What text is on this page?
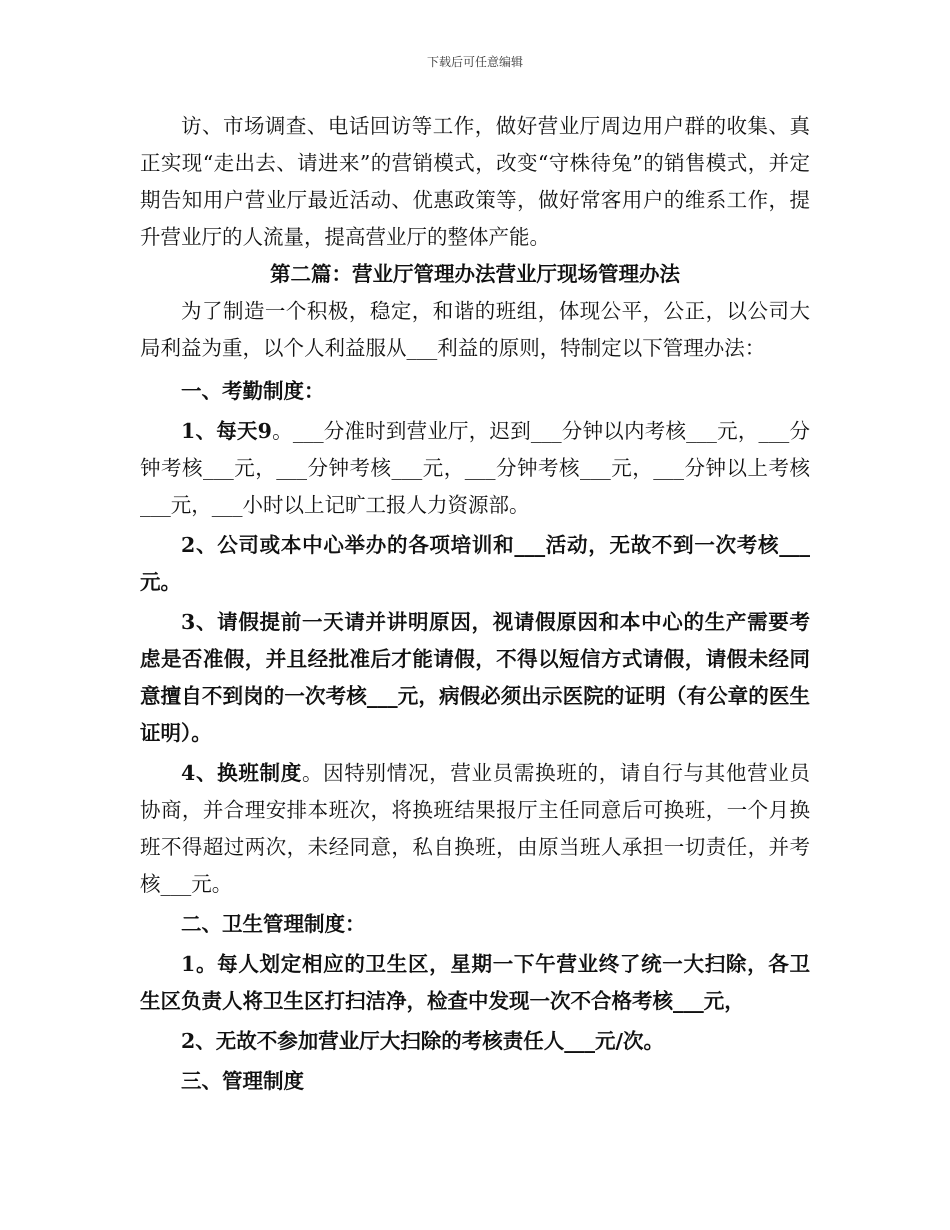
下载后可任意编辑

访、市场调查、电话回访等工作，做好营业厅周边用户群的收集、真正实现“走出去、请进来”的营销模式，改变“守株待兔”的销售模式，并定期告知用户营业厅最近活动、优惠政策等，做好常客用户的维系工作，提升营业厅的人流量，提高营业厅的整体产能。

第二篇：营业厅管理办法营业厅现场管理办法

为了制造一个积极，稳定，和谐的班组，体现公平，公正，以公司大局利益为重，以个人利益服从___利益的原则，特制定以下管理办法：

一、考勤制度：

1、每天9。___分准时到营业厅，迟到___分钟以内考核___元，___分钟考核___元，___分钟考核___元，___分钟考核___元，___分钟以上考核___元，___小时以上记旷工报人力资源部。

2、公司或本中心举办的各项培训和___活动，无故不到一次考核___元。

3、请假提前一天请并讲明原因，视请假原因和本中心的生产需要考虑是否准假，并且经批准后才能请假，不得以短信方式请假，请假未经同意擅自不到岗的一次考核___元，病假必须出示医院的证明（有公章的医生证明）。

4、换班制度。因特别情况，营业员需换班的，请自行与其他营业员协商，并合理安排本班次，将换班结果报厅主任同意后可换班，一个月换班不得超过两次，未经同意，私自换班，由原当班人承担一切责任，并考核___元。

二、卫生管理制度：

1。每人划定相应的卫生区，星期一下午营业终了统一大扫除，各卫生区负责人将卫生区打扫洁净，检查中发现一次不合格考核___元，

2、无故不参加营业厅大扫除的考核责任人___元/次。

三、管理制度
